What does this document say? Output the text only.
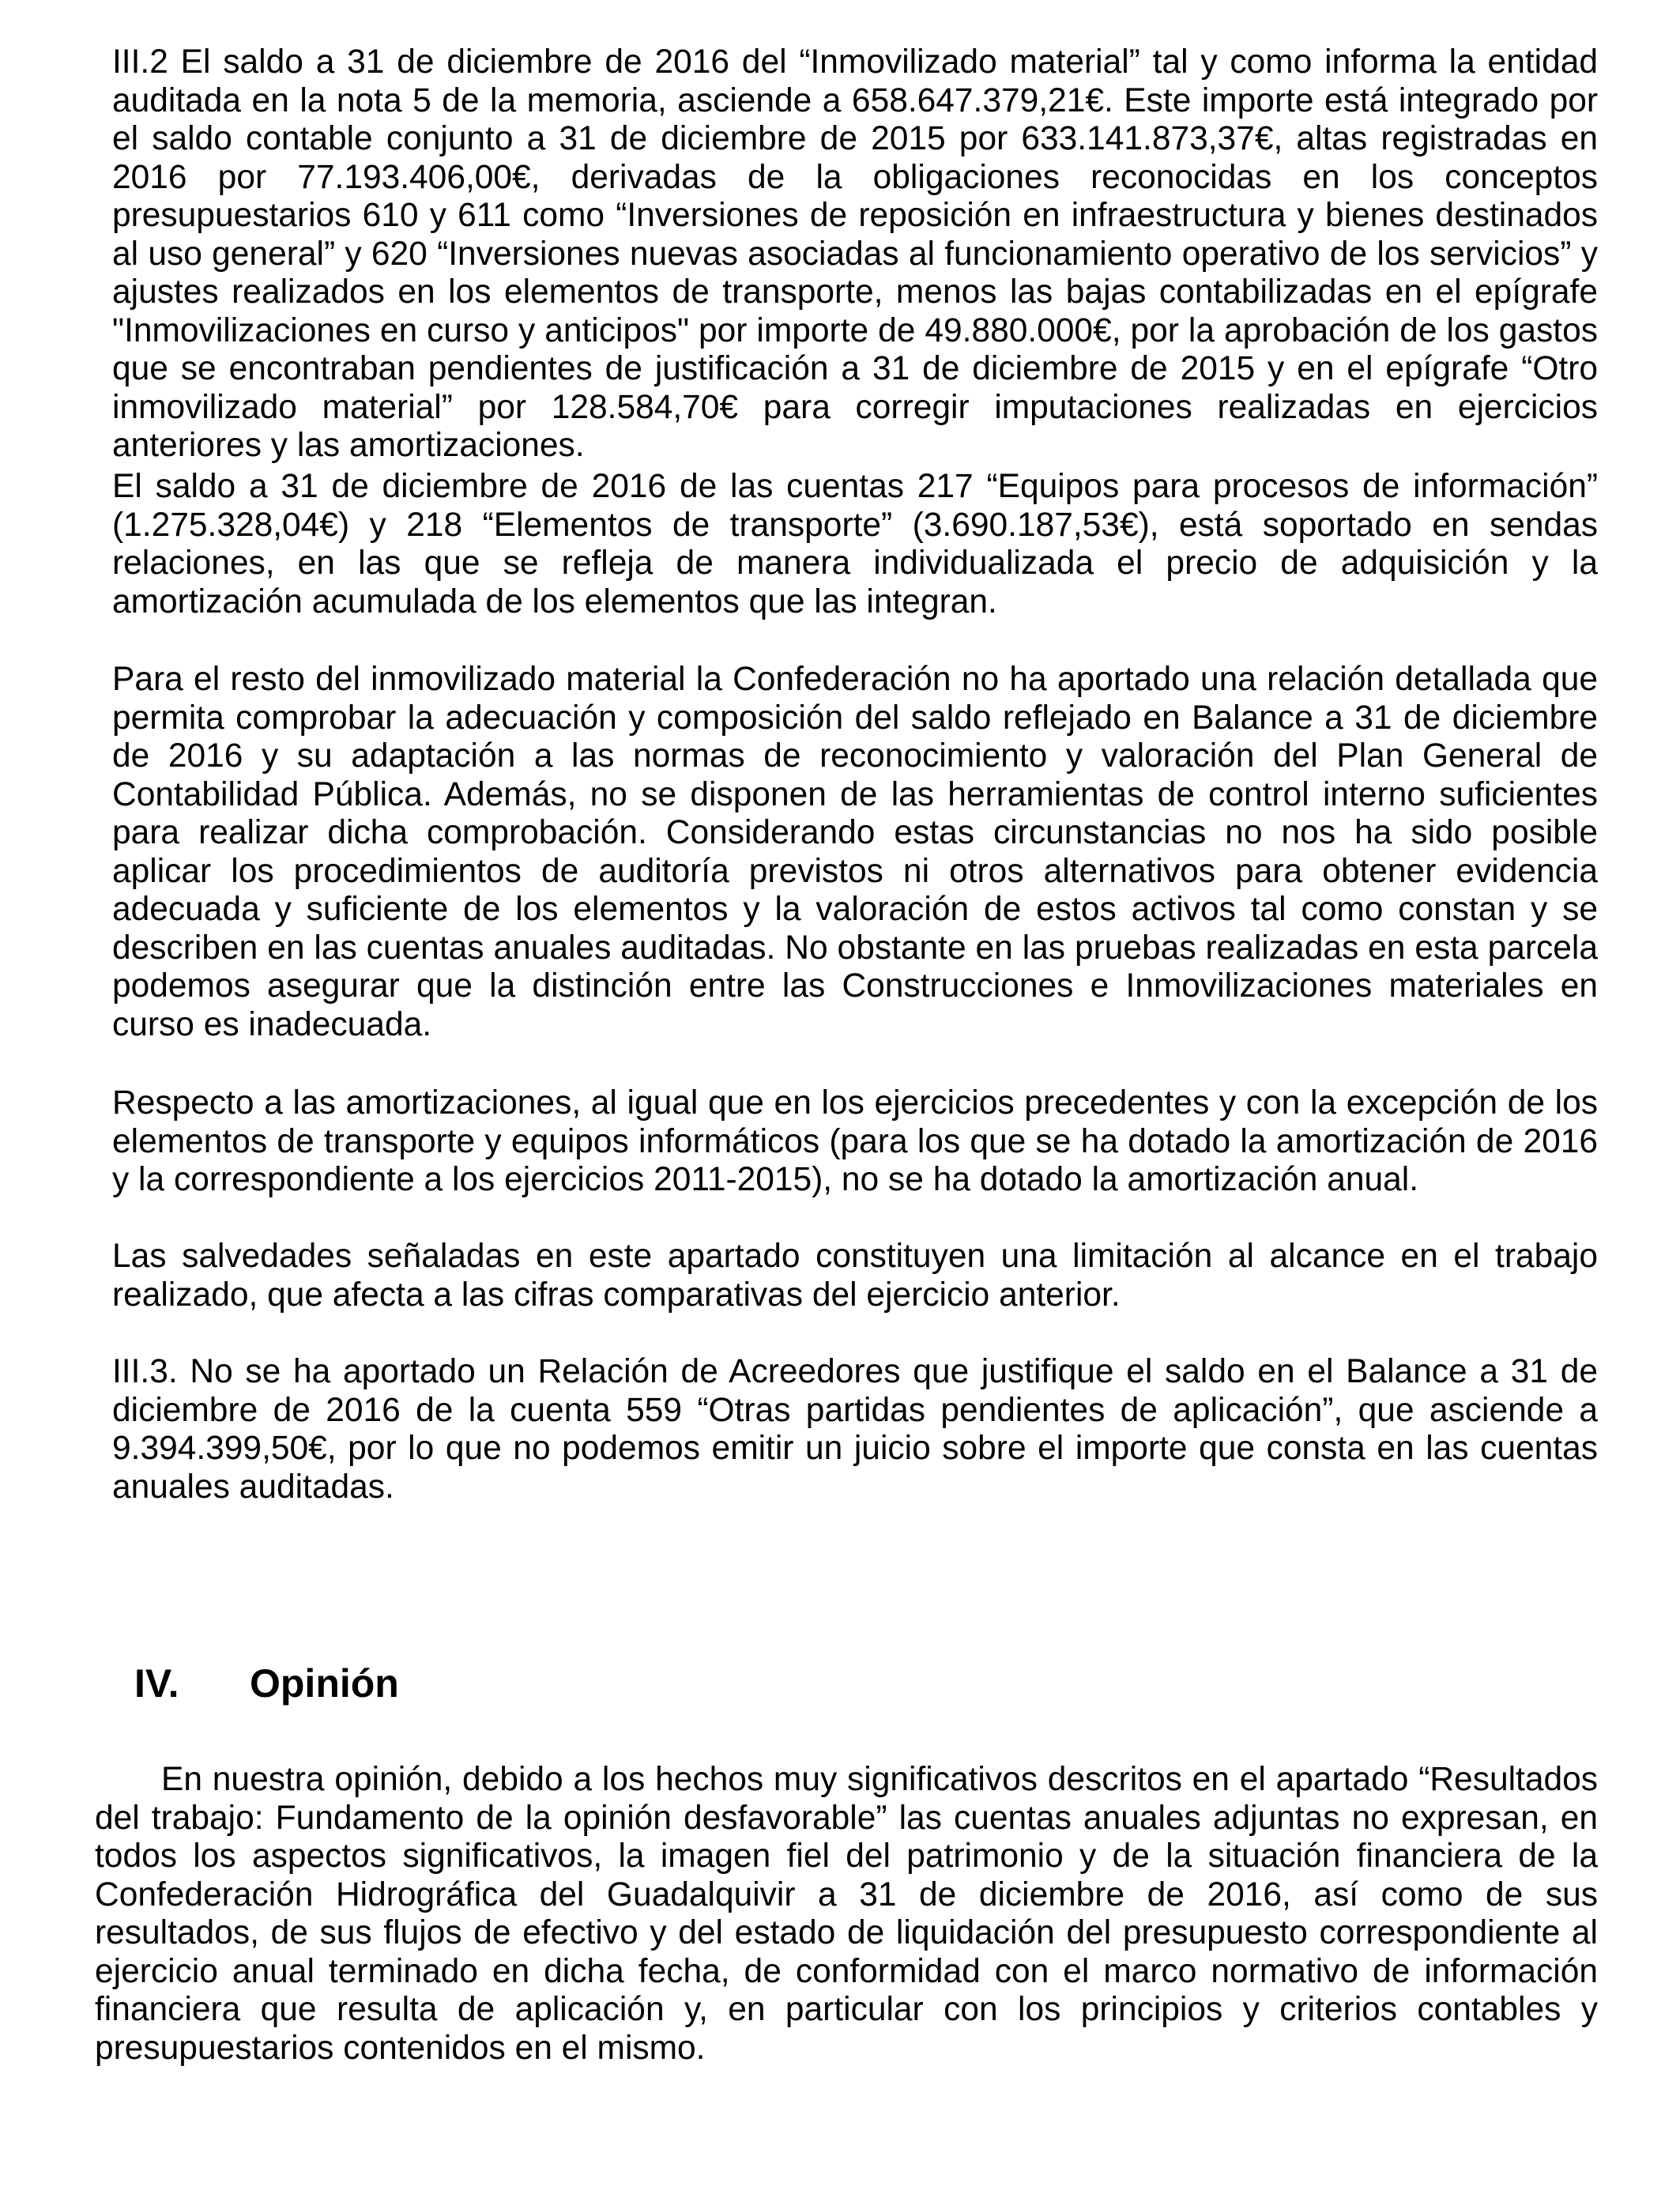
III.2 El saldo a 31 de diciembre de 2016 del “Inmovilizado material” tal y como informa la entidad auditada en la nota 5 de la memoria, asciende a 658.647.379,21€. Este importe está integrado por el saldo contable conjunto a 31 de diciembre de 2015 por 633.141.873,37€, altas registradas en 2016 por 77.193.406,00€, derivadas de la obligaciones reconocidas en los conceptos presupuestarios 610 y 611 como “Inversiones de reposición en infraestructura y bienes destinados al uso general” y 620 “Inversiones nuevas asociadas al funcionamiento operativo de los servicios” y ajustes realizados en los elementos de transporte, menos las bajas contabilizadas en el epígrafe "Inmovilizaciones en curso y anticipos" por importe de 49.880.000€, por la aprobación de los gastos que se encontraban pendientes de justificación a 31 de diciembre de 2015 y en el epígrafe “Otro inmovilizado material” por 128.584,70€ para corregir imputaciones realizadas en ejercicios anteriores y las amortizaciones.

El saldo a 31 de diciembre de 2016 de las cuentas 217 “Equipos para procesos de información” (1.275.328,04€) y 218 “Elementos de transporte” (3.690.187,53€), está soportado en sendas relaciones, en las que se refleja de manera individualizada el precio de adquisición y la amortización acumulada de los elementos que las integran.

Para el resto del inmovilizado material la Confederación no ha aportado una relación detallada que permita comprobar la adecuación y composición del saldo reflejado en Balance a 31 de diciembre de 2016 y su adaptación a las normas de reconocimiento y valoración del Plan General de Contabilidad Pública. Además, no se disponen de las herramientas de control interno suficientes para realizar dicha comprobación. Considerando estas circunstancias no nos ha sido posible aplicar los procedimientos de auditoría previstos ni otros alternativos para obtener evidencia adecuada y suficiente de los elementos y la valoración de estos activos tal como constan y se describen en las cuentas anuales auditadas. No obstante en las pruebas realizadas en esta parcela podemos asegurar que la distinción entre las Construcciones e Inmovilizaciones materiales en curso es inadecuada.

Respecto a las amortizaciones, al igual que en los ejercicios precedentes y con la excepción de los elementos de transporte y equipos informáticos (para los que se ha dotado la amortización de 2016 y la correspondiente a los ejercicios 2011-2015), no se ha dotado la amortización anual.

Las salvedades señaladas en este apartado constituyen una limitación al alcance en el trabajo realizado, que afecta a las cifras comparativas del ejercicio anterior.

III.3. No se ha aportado un Relación de Acreedores que justifique el saldo en el Balance a 31 de diciembre de 2016 de la cuenta 559 “Otras partidas pendientes de aplicación”, que asciende a 9.394.399,50€, por lo que no podemos emitir un juicio sobre el importe que consta en las cuentas anuales auditadas.

IV. Opinión

En nuestra opinión, debido a los hechos muy significativos descritos en el apartado “Resultados del trabajo: Fundamento de la opinión desfavorable” las cuentas anuales adjuntas no expresan, en todos los aspectos significativos, la imagen fiel del patrimonio y de la situación financiera de la Confederación Hidrográfica del Guadalquivir a 31 de diciembre de 2016, así como de sus resultados, de sus flujos de efectivo y del estado de liquidación del presupuesto correspondiente al ejercicio anual terminado en dicha fecha, de conformidad con el marco normativo de información financiera que resulta de aplicación y, en particular con los principios y criterios contables y presupuestarios contenidos en el mismo.
